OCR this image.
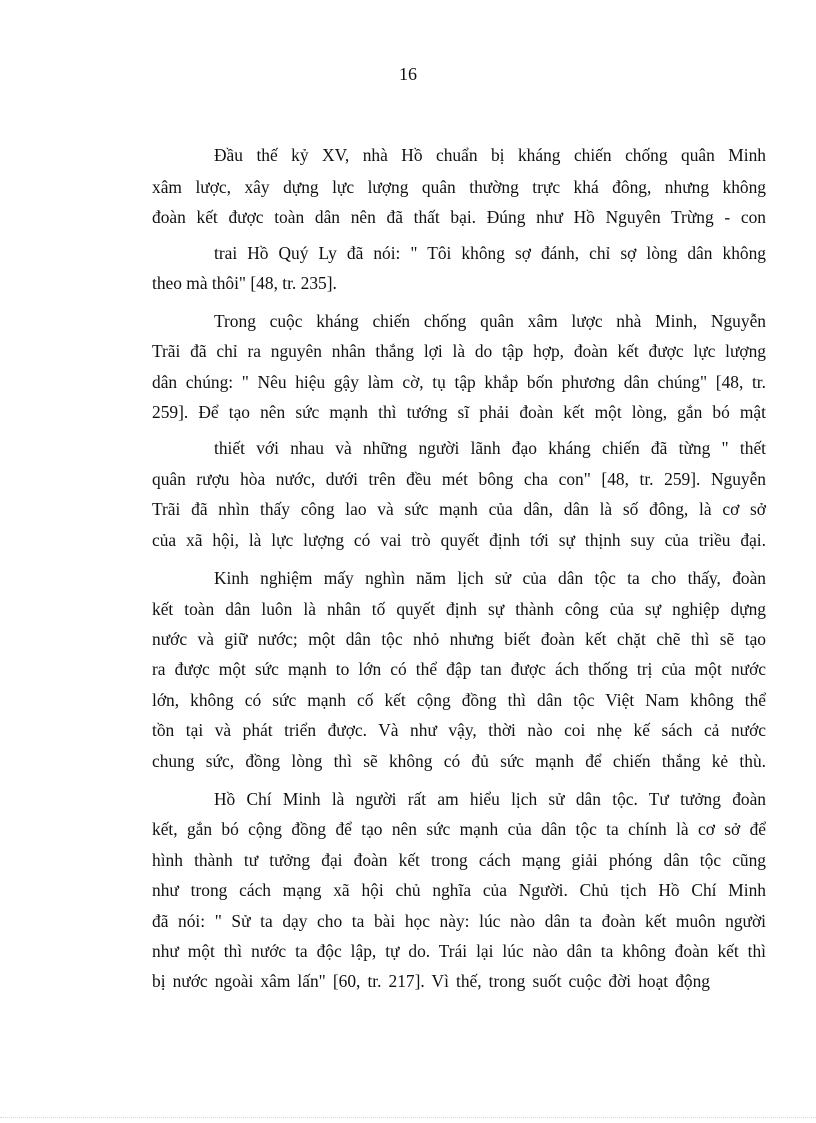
16
Đầu thế kỷ XV, nhà Hồ chuẩn bị kháng chiến chống quân Minh
xâm lược, xây dựng lực lượng quân thường trực khá đông, nhưng không
đoàn kết được toàn dân nên đã thất bại. Đúng như Hồ Nguyên Trừng - con
trai Hồ Quý Ly đã nói: " Tôi không sợ đánh, chỉ sợ lòng dân không
theo mà thôi" [48, tr. 235].
Trong cuộc kháng chiến chống quân xâm lược nhà Minh, Nguyễn
Trãi đã chỉ ra nguyên nhân thắng lợi là do tập hợp, đoàn kết được lực lượng
dân chúng: " Nêu hiệu gậy làm cờ, tụ tập khắp bốn phương dân chúng" [48, tr.
259]. Để tạo nên sức mạnh thì tướng sĩ phải đoàn kết một lòng, gắn bó mật
thiết với nhau và những người lãnh đạo kháng chiến đã từng " thết
quân rượu hòa nước, dưới trên đều mét bông cha con" [48, tr. 259]. Nguyễn
Trãi đã nhìn thấy công lao và sức mạnh của dân, dân là số đông, là cơ sở
của xã hội, là lực lượng có vai trò quyết định tới sự thịnh suy của triều đại.
Kinh nghiệm mấy nghìn năm lịch sử của dân tộc ta cho thấy, đoàn
kết toàn dân luôn là nhân tố quyết định sự thành công của sự nghiệp dựng
nước và giữ nước; một dân tộc nhỏ nhưng biết đoàn kết chặt chẽ thì sẽ tạo
ra được một sức mạnh to lớn có thể đập tan được ách thống trị của một nước
lớn, không có sức mạnh cố kết cộng đồng thì dân tộc Việt Nam không thể
tồn tại và phát triển được. Và như vậy, thời nào coi nhẹ kế sách cả nước
chung sức, đồng lòng thì sẽ không có đủ sức mạnh để chiến thắng kẻ thù.
Hồ Chí Minh là người rất am hiểu lịch sử dân tộc. Tư tưởng đoàn
kết, gắn bó cộng đồng để tạo nên sức mạnh của dân tộc ta chính là cơ sở để
hình thành tư tưởng đại đoàn kết trong cách mạng giải phóng dân tộc cũng
như trong cách mạng xã hội chủ nghĩa của Người. Chủ tịch Hồ Chí Minh
đã nói: " Sử ta dạy cho ta bài học này: lúc nào dân ta đoàn kết muôn người
như một thì nước ta độc lập, tự do. Trái lại lúc nào dân ta không đoàn kết thì
bị nước ngoài xâm lấn" [60, tr. 217]. Vì thế, trong suốt cuộc đời hoạt động
